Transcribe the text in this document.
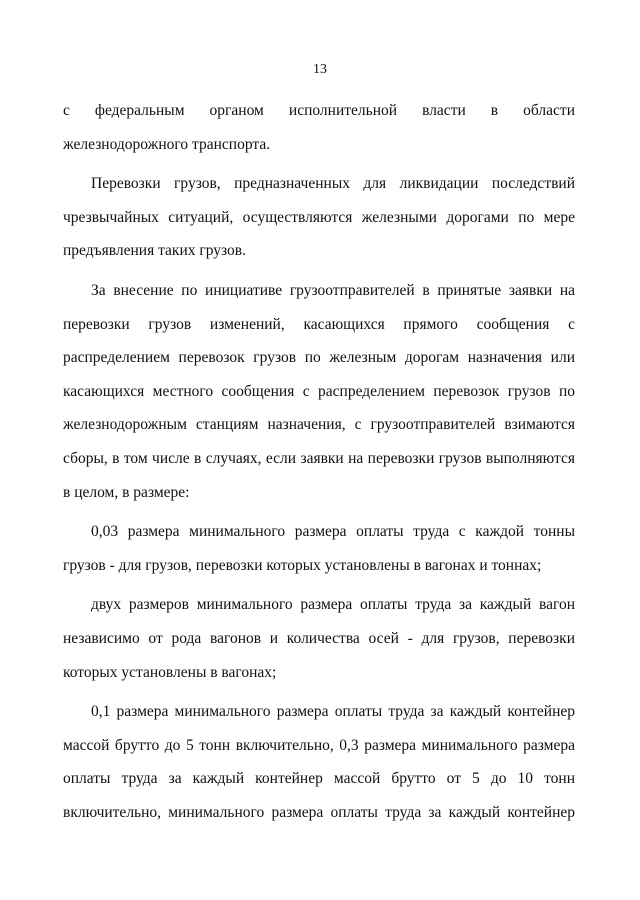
13

с федеральным органом исполнительной власти в области
железнодорожного транспорта.

Перевозки грузов, предназначенных для ликвидации последствий
чрезвычайных ситуаций, осуществляются железными дорогами по мере
предъявления таких грузов.

За внесение по инициативе грузоотправителей в принятые заявки на
перевозки грузов изменений, касающихся прямого сообщения с
распределением перевозок грузов по железным дорогам назначения или
касающихся местного сообщения с распределением перевозок грузов по
железнодорожным станциям назначения, с грузоотправителей взимаются
сборы, в том числе в случаях, если заявки на перевозки грузов выполняются
в целом, в размере:

0,03 размера минимального размера оплаты труда с каждой тонны
грузов - для грузов, перевозки которых установлены в вагонах и тоннах;

двух размеров минимального размера оплаты труда за каждый вагон
независимо от рода вагонов и количества осей - для грузов, перевозки
которых установлены в вагонах;

0,1 размера минимального размера оплаты труда за каждый контейнер
массой брутто до 5 тонн включительно, 0,3 размера минимального размера
оплаты труда за каждый контейнер массой брутто от 5 до 10 тонн
включительно, минимального размера оплаты труда за каждый контейнер
